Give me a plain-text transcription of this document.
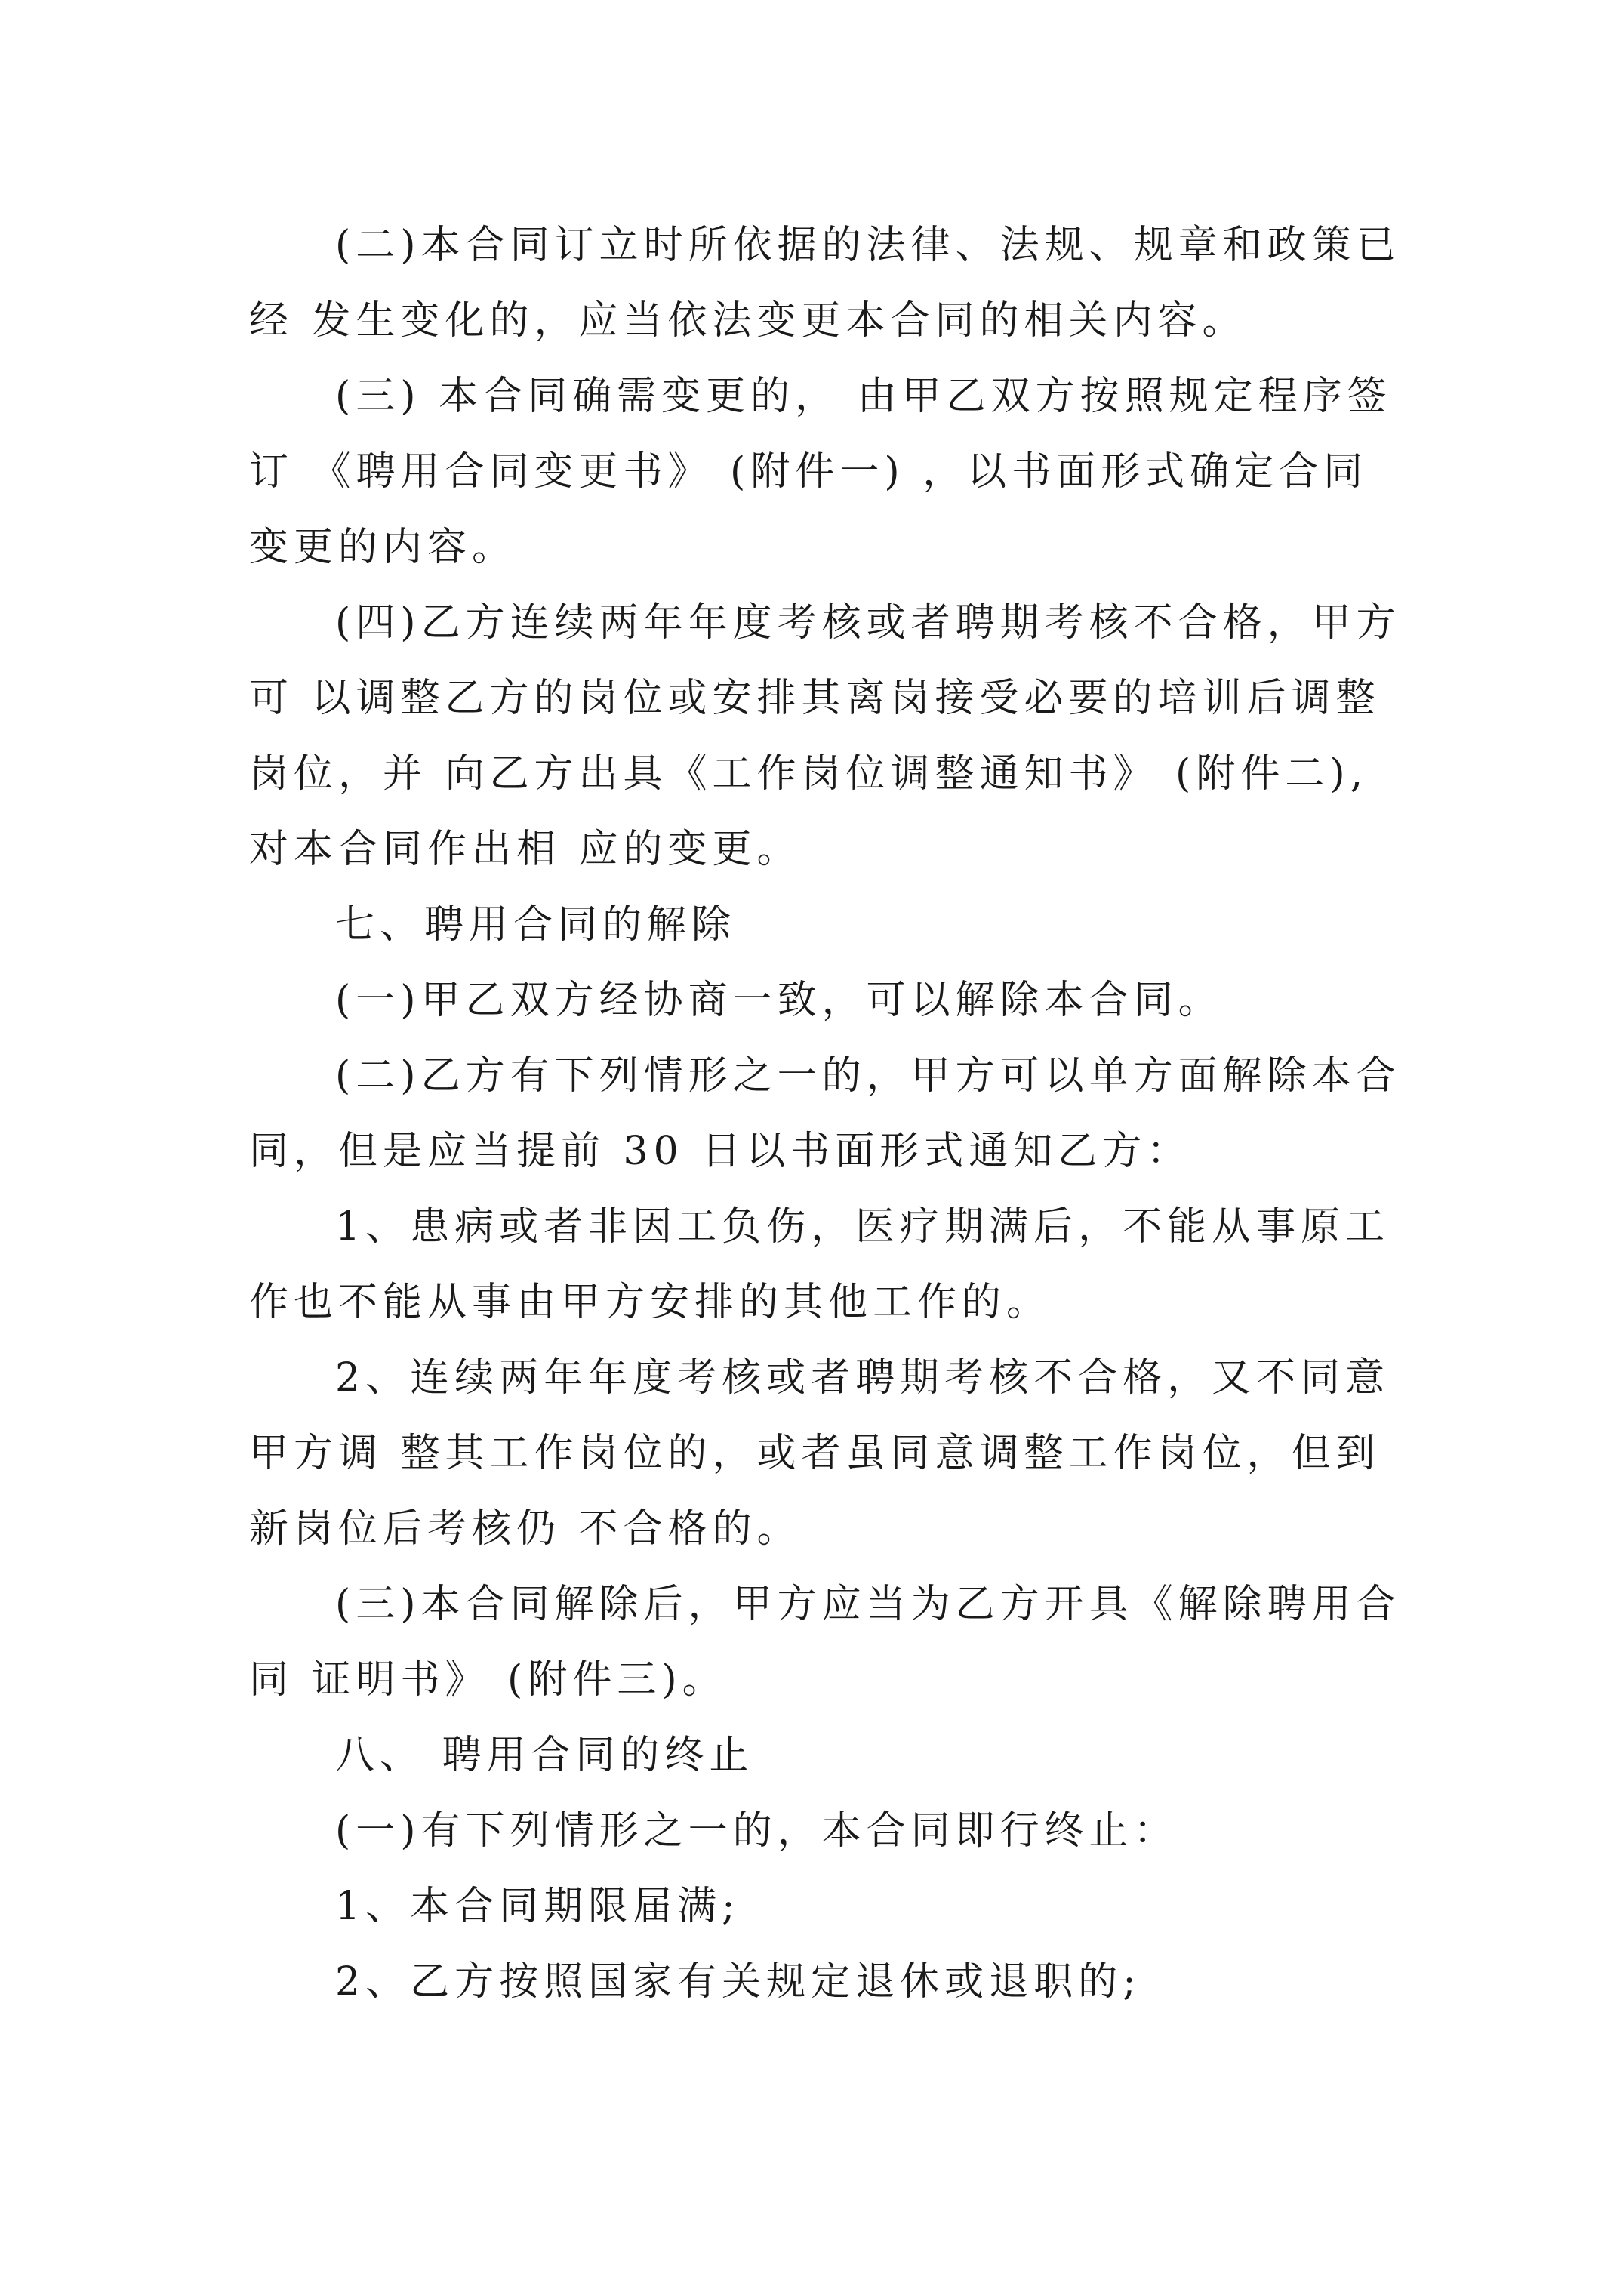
(二)本合同订立时所依据的法律、法规、规章和政策已
经 发生变化的，应当依法变更本合同的相关内容。
(三) 本合同确需变更的， 由甲乙双方按照规定程序签
订 《聘用合同变更书》 (附件一) ，以书面形式确定合同
变更的内容。
(四)乙方连续两年年度考核或者聘期考核不合格，甲方
可 以调整乙方的岗位或安排其离岗接受必要的培训后调整
岗位，并 向乙方出具《工作岗位调整通知书》 (附件二),
对本合同作出相 应的变更。
七、聘用合同的解除
(一)甲乙双方经协商一致，可以解除本合同。
(二)乙方有下列情形之一的，甲方可以单方面解除本合
同，但是应当提前 30 日以书面形式通知乙方：
1、患病或者非因工负伤，医疗期满后，不能从事原工
作也不能从事由甲方安排的其他工作的。
2、连续两年年度考核或者聘期考核不合格，又不同意
甲方调 整其工作岗位的，或者虽同意调整工作岗位，但到
新岗位后考核仍 不合格的。
(三)本合同解除后，甲方应当为乙方开具《解除聘用合
同 证明书》 (附件三)。
八、 聘用合同的终止
(一)有下列情形之一的，本合同即行终止：
1、本合同期限届满;
2、乙方按照国家有关规定退休或退职的;
